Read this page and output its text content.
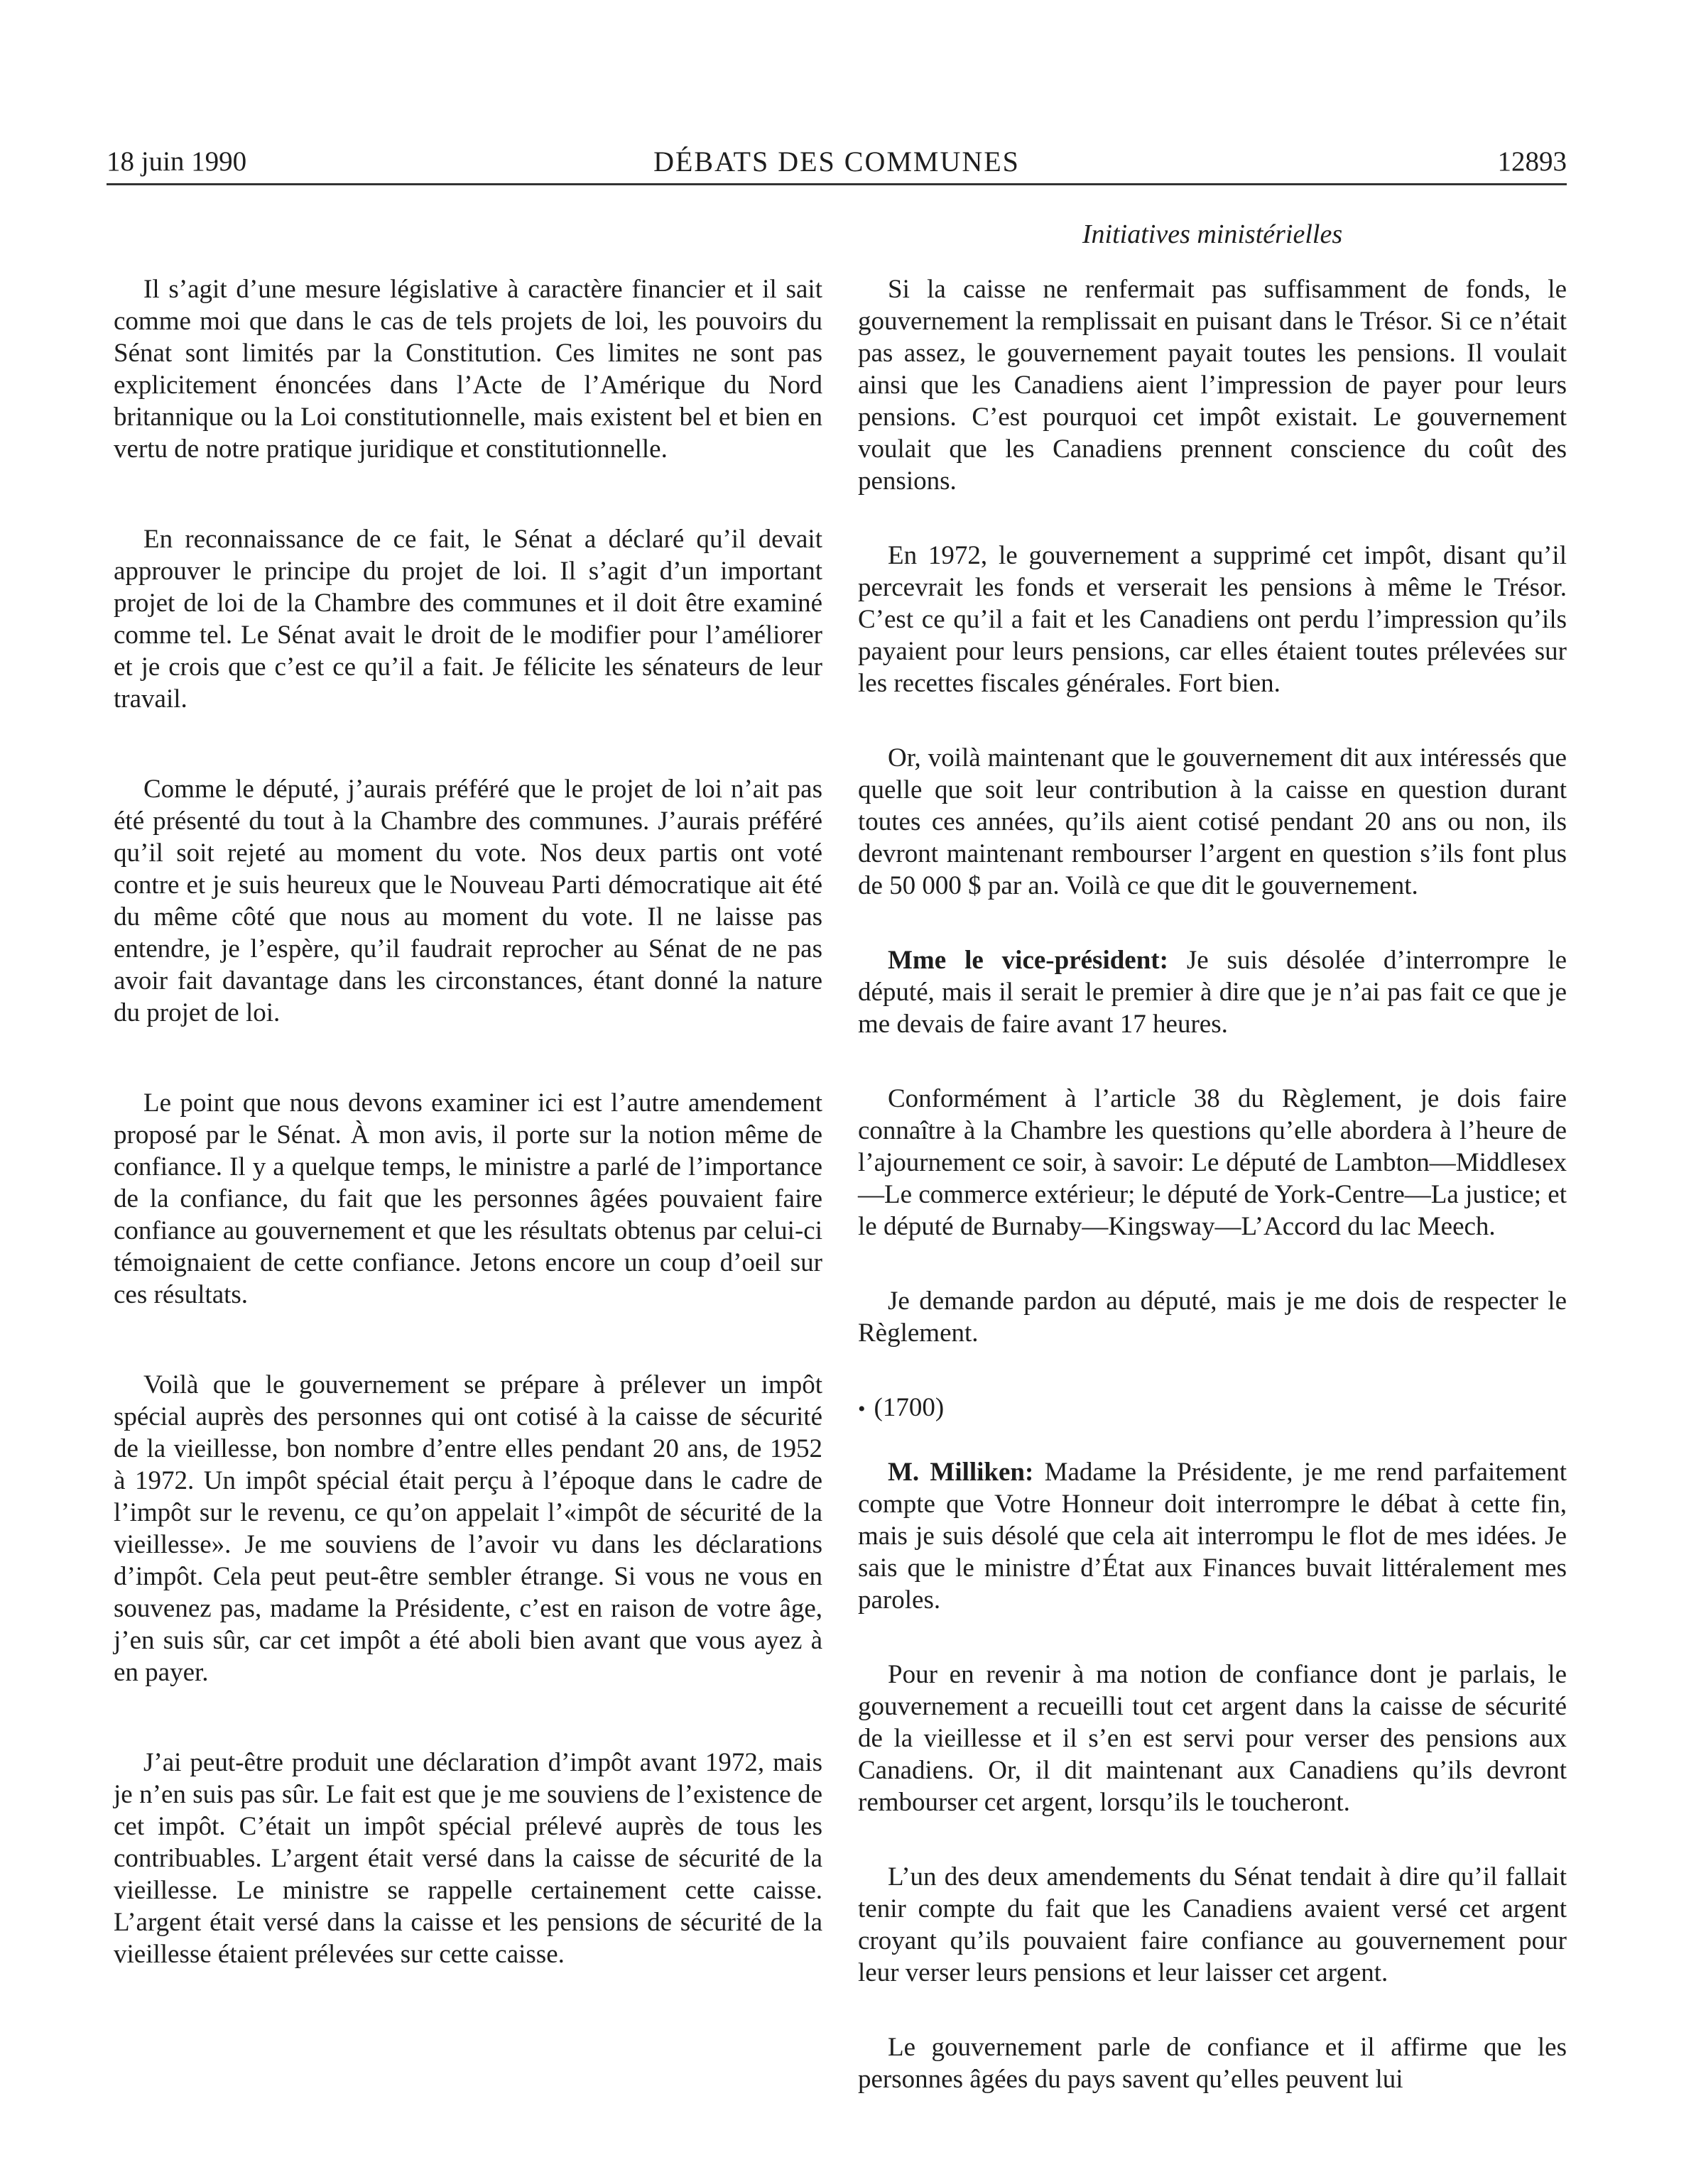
18 juin 1990	DÉBATS DES COMMUNES	12893
Initiatives ministérielles

Il s’agit d’une mesure législative à caractère financier et il sait comme moi que dans le cas de tels projets de loi, les pouvoirs du Sénat sont limités par la Constitution. Ces limites ne sont pas explicitement énoncées dans l’Acte de l’Amérique du Nord britannique ou la Loi constitutionnelle, mais existent bel et bien en vertu de notre pratique juridique et constitutionnelle.

En reconnaissance de ce fait, le Sénat a déclaré qu’il devait approuver le principe du projet de loi. Il s’agit d’un important projet de loi de la Chambre des communes et il doit être examiné comme tel. Le Sénat avait le droit de le modifier pour l’améliorer et je crois que c’est ce qu’il a fait. Je félicite les sénateurs de leur travail.

Comme le député, j’aurais préféré que le projet de loi n’ait pas été présenté du tout à la Chambre des communes. J’aurais préféré qu’il soit rejeté au moment du vote. Nos deux partis ont voté contre et je suis heureux que le Nouveau Parti démocratique ait été du même côté que nous au moment du vote. Il ne laisse pas entendre, je l’espère, qu’il faudrait reprocher au Sénat de ne pas avoir fait davantage dans les circonstances, étant donné la nature du projet de loi.

Le point que nous devons examiner ici est l’autre amendement proposé par le Sénat. À mon avis, il porte sur la notion même de confiance. Il y a quelque temps, le ministre a parlé de l’importance de la confiance, du fait que les personnes âgées pouvaient faire confiance au gouvernement et que les résultats obtenus par celui-ci témoignaient de cette confiance. Jetons encore un coup d’oeil sur ces résultats.

Voilà que le gouvernement se prépare à prélever un impôt spécial auprès des personnes qui ont cotisé à la caisse de sécurité de la vieillesse, bon nombre d’entre elles pendant 20 ans, de 1952 à 1972. Un impôt spécial était perçu à l’époque dans le cadre de l’impôt sur le revenu, ce qu’on appelait l’«impôt de sécurité de la vieillesse». Je me souviens de l’avoir vu dans les déclarations d’impôt. Cela peut peut-être sembler étrange. Si vous ne vous en souvenez pas, madame la Présidente, c’est en raison de votre âge, j’en suis sûr, car cet impôt a été aboli bien avant que vous ayez à en payer.

J’ai peut-être produit une déclaration d’impôt avant 1972, mais je n’en suis pas sûr. Le fait est que je me souviens de l’existence de cet impôt. C’était un impôt spécial prélevé auprès de tous les contribuables. L’argent était versé dans la caisse de sécurité de la vieillesse. Le ministre se rappelle certainement cette caisse. L’argent était versé dans la caisse et les pensions de sécurité de la vieillesse étaient prélevées sur cette caisse.

Si la caisse ne renfermait pas suffisamment de fonds, le gouvernement la remplissait en puisant dans le Trésor. Si ce n’était pas assez, le gouvernement payait toutes les pensions. Il voulait ainsi que les Canadiens aient l’impression de payer pour leurs pensions. C’est pourquoi cet impôt existait. Le gouvernement voulait que les Canadiens prennent conscience du coût des pensions.

En 1972, le gouvernement a supprimé cet impôt, disant qu’il percevrait les fonds et verserait les pensions à même le Trésor. C’est ce qu’il a fait et les Canadiens ont perdu l’impression qu’ils payaient pour leurs pensions, car elles étaient toutes prélevées sur les recettes fiscales générales. Fort bien.

Or, voilà maintenant que le gouvernement dit aux intéressés que quelle que soit leur contribution à la caisse en question durant toutes ces années, qu’ils aient cotisé pendant 20 ans ou non, ils devront maintenant rembourser l’argent en question s’ils font plus de 50 000 $ par an. Voilà ce que dit le gouvernement.

Mme le vice-président: Je suis désolée d’interrompre le député, mais il serait le premier à dire que je n’ai pas fait ce que je me devais de faire avant 17 heures.

Conformément à l’article 38 du Règlement, je dois faire connaître à la Chambre les questions qu’elle abordera à l’heure de l’ajournement ce soir, à savoir: Le député de Lambton—Middlesex—Le commerce extérieur; le député de York-Centre—La justice; et le député de Burnaby—Kingsway—L’Accord du lac Meech.

Je demande pardon au député, mais je me dois de respecter le Règlement.

• (1700)

M. Milliken: Madame la Présidente, je me rend parfaitement compte que Votre Honneur doit interrompre le débat à cette fin, mais je suis désolé que cela ait interrompu le flot de mes idées. Je sais que le ministre d’État aux Finances buvait littéralement mes paroles.

Pour en revenir à ma notion de confiance dont je parlais, le gouvernement a recueilli tout cet argent dans la caisse de sécurité de la vieillesse et il s’en est servi pour verser des pensions aux Canadiens. Or, il dit maintenant aux Canadiens qu’ils devront rembourser cet argent, lorsqu’ils le toucheront.

L’un des deux amendements du Sénat tendait à dire qu’il fallait tenir compte du fait que les Canadiens avaient versé cet argent croyant qu’ils pouvaient faire confiance au gouvernement pour leur verser leurs pensions et leur laisser cet argent.

Le gouvernement parle de confiance et il affirme que les personnes âgées du pays savent qu’elles peuvent lui
